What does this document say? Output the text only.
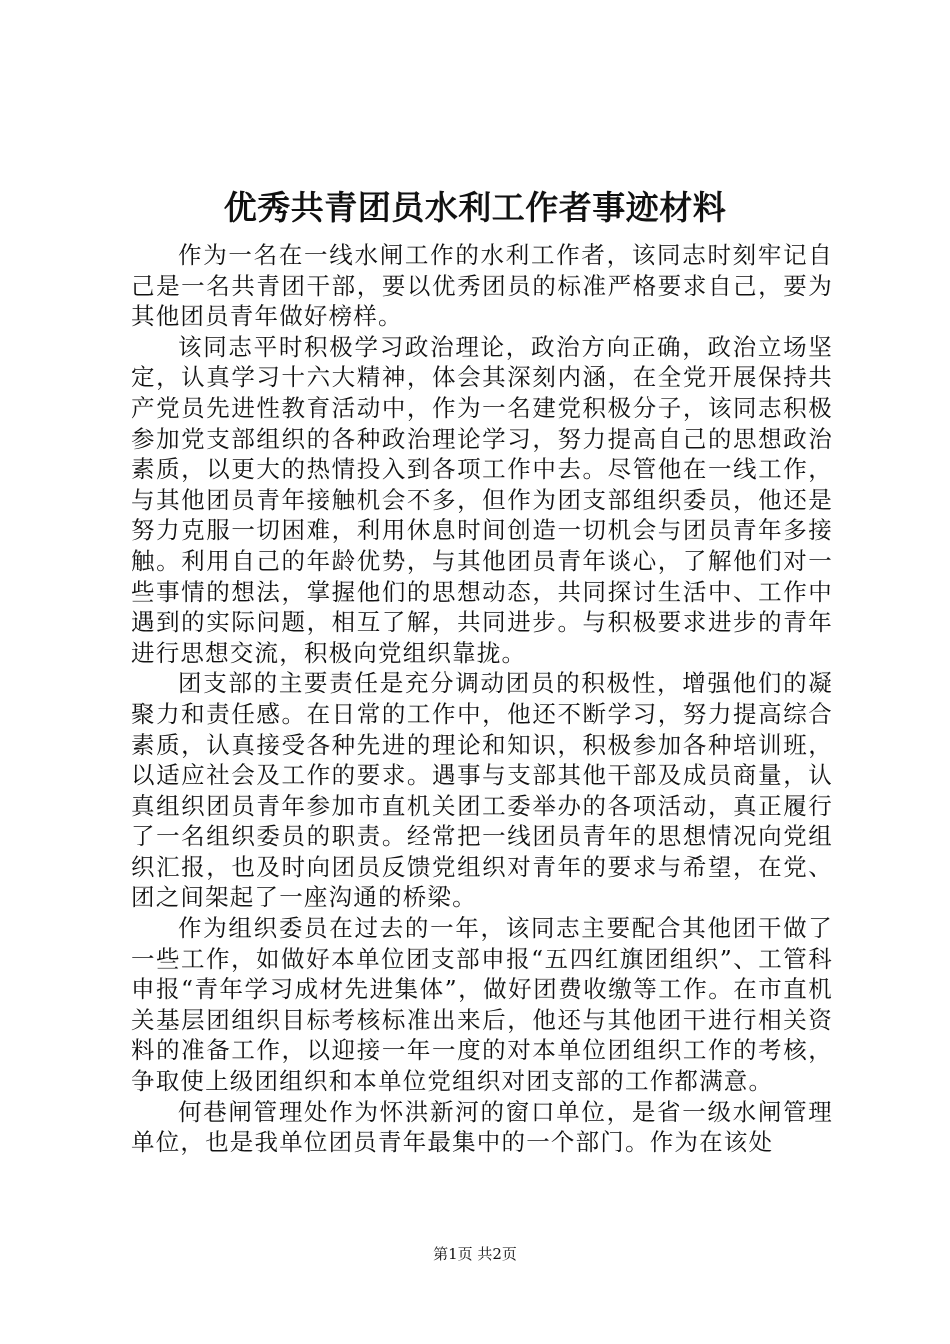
优秀共青团员水利工作者事迹材料

作为一名在一线水闸工作的水利工作者，该同志时刻牢记自己是一名共青团干部，要以优秀团员的标准严格要求自己，要为其他团员青年做好榜样。

该同志平时积极学习政治理论，政治方向正确，政治立场坚定，认真学习十六大精神，体会其深刻内涵，在全党开展保持共产党员先进性教育活动中，作为一名建党积极分子，该同志积极参加党支部组织的各种政治理论学习，努力提高自己的思想政治素质，以更大的热情投入到各项工作中去。尽管他在一线工作，与其他团员青年接触机会不多，但作为团支部组织委员，他还是努力克服一切困难，利用休息时间创造一切机会与团员青年多接触。利用自己的年龄优势，与其他团员青年谈心，了解他们对一些事情的想法，掌握他们的思想动态，共同探讨生活中、工作中遇到的实际问题，相互了解，共同进步。与积极要求进步的青年进行思想交流，积极向党组织靠拢。

团支部的主要责任是充分调动团员的积极性，增强他们的凝聚力和责任感。在日常的工作中，他还不断学习，努力提高综合素质，认真接受各种先进的理论和知识，积极参加各种培训班，以适应社会及工作的要求。遇事与支部其他干部及成员商量，认真组织团员青年参加市直机关团工委举办的各项活动，真正履行了一名组织委员的职责。经常把一线团员青年的思想情况向党组织汇报，也及时向团员反馈党组织对青年的要求与希望，在党、团之间架起了一座沟通的桥梁。

作为组织委员在过去的一年，该同志主要配合其他团干做了一些工作，如做好本单位团支部申报“五四红旗团组织”、工管科申报“青年学习成材先进集体”，做好团费收缴等工作。在市直机关基层团组织目标考核标准出来后，他还与其他团干进行相关资料的准备工作，以迎接一年一度的对本单位团组织工作的考核，争取使上级团组织和本单位党组织对团支部的工作都满意。

何巷闸管理处作为怀洪新河的窗口单位，是省一级水闸管理单位，也是我单位团员青年最集中的一个部门。作为在该处

第1页 共2页
